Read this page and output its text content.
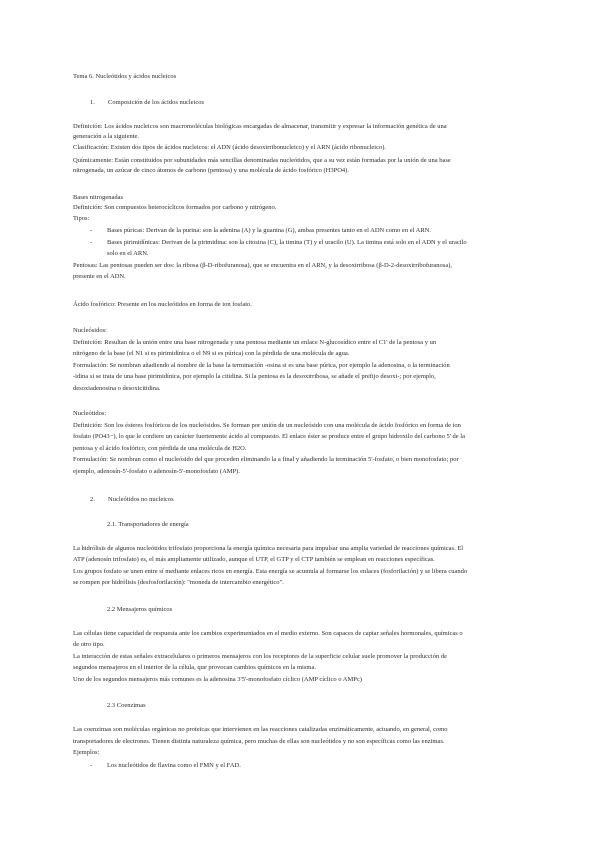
Tema 6. Nucleótidos y ácidos nucleicos

1. Composición de los ácidos nucleicos

Definición: Los ácidos nucleicos son macromoléculas biológicas encargadas de almacenar, transmitir y expresar la información genética de una

generación a la siguiente.

Clasificación: Existen dos tipos de ácidos nucleicos: el ADN (ácido desoxirribonucleico) y el ARN (ácido ribonucleico).

Químicamente: Están constituidos por subunidades más sencillas denominadas nucleótidos, que a su vez están formadas por la unión de una base

nitrogenada, un azúcar de cinco átomos de carbono (pentosa) y una molécula de ácido fosfórico (H3PO4).

Bases nitrogenadas

Definición: Son compuestos heterocíclicos formados por carbono y nitrógeno.

Tipos:

- Bases púricas: Derivan de la purina: son la adenina (A) y la guanina (G), ambas presentes tanto en el ADN como en el ARN.

- Bases pirimidínicas: Derivan de la pirimidina: son la citosina (C), la timina (T) y el uracilo (U). La timina está solo en el ADN y el uracilo

solo en el ARN.

Pentosas: Las pentosas pueden ser dos: la ribosa (β-D-ribofuranosa), que se encuentra en el ARN, y la desoxirribosa (β-D-2-desoxirribofuranosa),

presente en el ADN.

Ácido fosfórico: Presente en los nucleótidos en forma de ion fosfato.

Nucleósidos:

Definición: Resultan de la unión entre una base nitrogenada y una pentosa mediante un enlace N-glucosídico entre el C1' de la pentosa y un

nitrógeno de la base (el N1 si es pirimidínica o el N9 si es púrica) con la pérdida de una molécula de agua.

Formulación: Se nombran añadiendo al nombre de la base la terminación -osina si es una base púrica, por ejemplo la adenosina, o la terminación

-idina si se trata de una base pirimidínica, por ejemplo la citidina. Si la pentosa es la desoxirribosa, se añade el prefijo desoxi-; por ejemplo,

desoxiadenosina o desoxicitidina.

Nucleótidos:

Definición: Son los ésteres fosfóricos de los nucleósidos. Se forman por unión de un nucleósido con una molécula de ácido fosfórico en forma de ion

fosfato (PO43−), lo que le confiere un carácter fuertemente ácido al compuesto. El enlace éster se produce entre el grupo hidroxilo del carbono 5' de la

pentosa y el ácido fosfórico, con pérdida de una molécula de H2O.

Formulación: Se nombran como el nucleósido del que proceden eliminando la a final y añadiendo la terminación 5'-fosfato, o bien monofosfato; por

ejemplo, adenosín-5'-fosfato o adenosín-5'-monofosfato (AMP).

2. Nucleótidos no nucleicos

2.1. Transportadores de energía

La hidrólisis de algunos nucleótidos trifosfato proporciona la energía química necesaria para impulsar una amplia variedad de reacciones químicas. El

ATP (adenosín trifosfato) es, el más ampliamente utilizado, aunque el UTP, el GTP y el CTP también se emplean en reacciones específicas.

Los grupos fosfato se unen entre sí mediante enlaces ricos en energía. Esta energía se acumula al formarse los enlaces (fosforilación) y se libera cuando

se rompen por hidrólisis (desfosforilación): "moneda de intercambio energético".

2.2 Mensajeros químicos

Las células tiene capacidad de respuesta ante los cambios experimentados en el medio externo. Son capaces de captar señales hormonales, químicas o

de otro tipo.

La interacción de estas señales extracelulares o primeros mensajeros con los receptores de la superficie celular suele promover la producción de

segundos mensajeros en el interior de la célula, que provocan cambios químicos en la misma.

Uno de los segundos mensajeros más comunes es la adenosina 3'5'-monofosfato cíclico (AMP cíclico o AMPc)

2.3 Coenzimas

Las coenzimas son moléculas orgánicas no proteicas que intervienen en las reacciones catalizadas enzimáticamente, actuando, en general, como

transportadores de electrones. Tienen distinta naturaleza química, pero muchas de ellas son nucleótidos y no son específicas como las enzimas.

Ejemplos:

- Los nucleótidos de flavina como el FMN y el FAD.
